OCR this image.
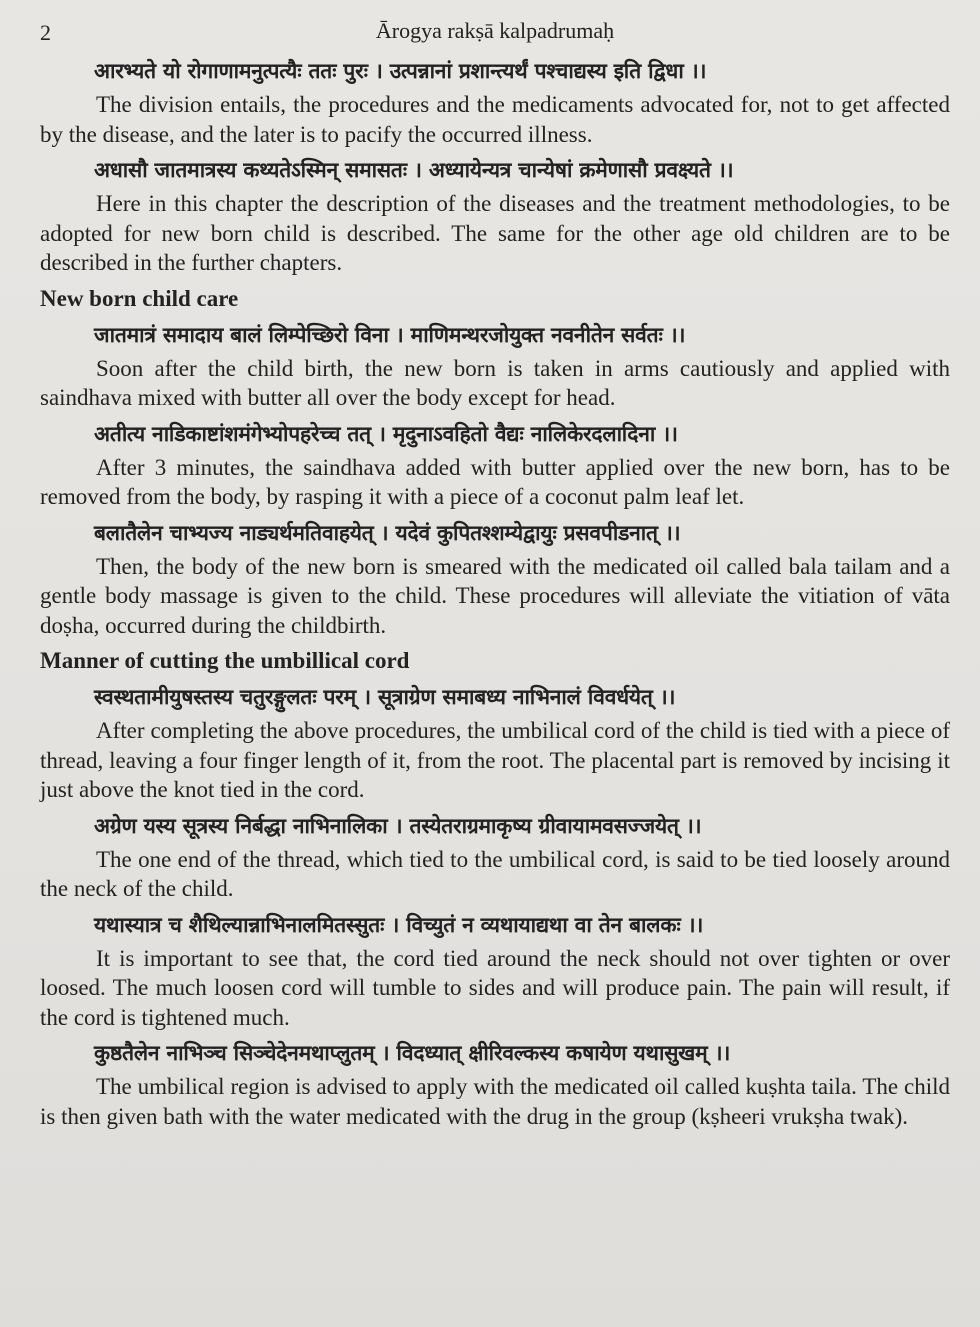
2	Ārogya rakṣā kalpadrumaḥ
आरभ्यते यो रोगाणामनुत्पत्यैः ततः पुरः । उत्पन्नानां प्रशान्त्यर्थं पश्चाद्यस्य इति द्विधा ।।

The division entails, the procedures and the medicaments advocated for, not to get affected by the disease, and the later is to pacify the occurred illness.

अधासौ जातमात्रस्य कथ्यतेऽस्मिन् समासतः । अध्यायेन्यत्र चान्येषां क्रमेणासौ प्रवक्ष्यते ।।

Here in this chapter the description of the diseases and the treatment methodologies, to be adopted for new born child is described. The same for the other age old children are to be described in the further chapters.

New born child care
जातमात्रं समादाय बालं लिम्पेच्छिरो विना । माणिमन्थरजोयुक्त नवनीतेन सर्वतः ।।

Soon after the child birth, the new born is taken in arms cautiously and applied with saindhava mixed with butter all over the body except for head.

अतीत्य नाडिकाष्टांशमंगेभ्योपहरेच्च तत् । मृदुनाऽवहितो वैद्यः नालिकेरदलादिना ।।

After 3 minutes, the saindhava added with butter applied over the new born, has to be removed from the body, by rasping it with a piece of a coconut palm leaf let.

बलातैलेन चाभ्यज्य नाड्यर्थमतिवाहयेत् । यदेवं कुपितश्शम्येद्वायुः प्रसवपीडनात् ।।

Then, the body of the new born is smeared with the medicated oil called bala tailam and a gentle body massage is given to the child. These procedures will alleviate the vitiation of vāta doṣha, occurred during the childbirth.

Manner of cutting the umbillical cord
स्वस्थतामीयुषस्तस्य चतुरङ्गुलतः परम् । सूत्राग्रेण समाबध्य नाभिनालं विवर्धयेत् ।।

After completing the above procedures, the umbilical cord of the child is tied with a piece of thread, leaving a four finger length of it, from the root. The placental part is removed by incising it just above the knot tied in the cord.

अग्रेण यस्य सूत्रस्य निर्बद्धा नाभिनालिका । तस्येतराग्रमाकृष्य ग्रीवायामवसज्जयेत् ।।

The one end of the thread, which tied to the umbilical cord, is said to be tied loosely around the neck of the child.

यथास्यात्र च शैथिल्यान्नाभिनालमितस्सुतः । विच्युतं न व्यथायाद्यथा वा तेन बालकः ।।

It is important to see that, the cord tied around the neck should not over tighten or over loosed. The much loosen cord will tumble to sides and will produce pain. The pain will result, if the cord is tightened much.

कुष्ठतैलेन नाभिञ्च सिञ्चेदेनमथाप्लुतम् । विदध्यात् क्षीरिवल्कस्य कषायेण यथासुखम् ।।

The umbilical region is advised to apply with the medicated oil called kuṣhta taila. The child is then given bath with the water medicated with the drug in the group (kṣheeri vrukṣha twak).
